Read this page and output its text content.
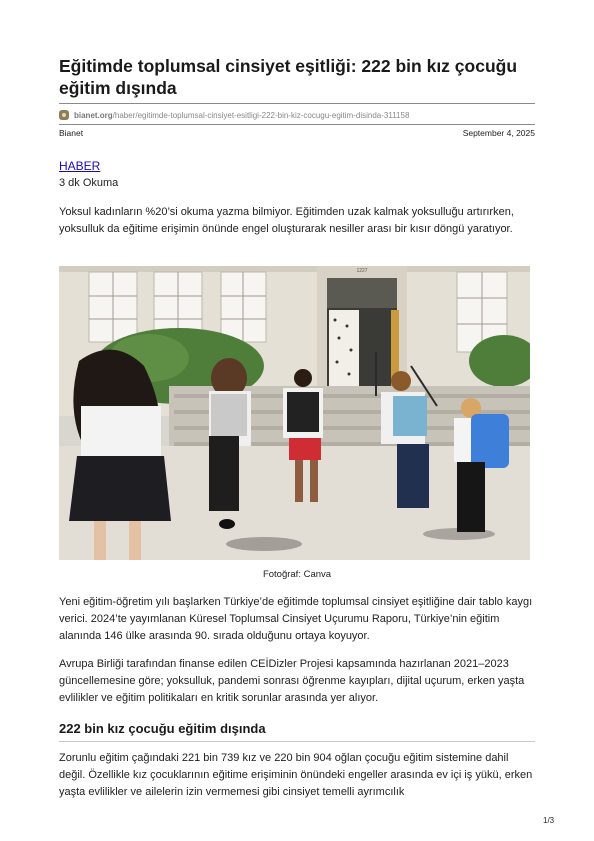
Eğitimde toplumsal cinsiyet eşitliği: 222 bin kız çocuğu eğitim dışında
bianet.org /haber/egitimde-toplumsal-cinsiyet-esitligi-222-bin-kiz-cocugu-egitim-disinda-311158
Bianet	September 4, 2025
HABER
3 dk Okuma

Yoksul kadınların %20’si okuma yazma bilmiyor. Eğitimden uzak kalmak yoksulluğu artırırken, yoksulluk da eğitime erişimin önünde engel oluşturarak nesiller arası bir kısır döngü yaratıyor.

1227
Fotoğraf: Canva

Yeni eğitim-öğretim yılı başlarken Türkiye’de eğitimde toplumsal cinsiyet eşitliğine dair tablo kaygı verici. 2024’te yayımlanan Küresel Toplumsal Cinsiyet Uçurumu Raporu, Türkiye’nin eğitim alanında 146 ülke arasında 90. sırada olduğunu ortaya koyuyor.

Avrupa Birliği tarafından finanse edilen CEİDizler Projesi kapsamında hazırlanan 2021–2023 güncellemesine göre; yoksulluk, pandemi sonrası öğrenme kayıpları, dijital uçurum, erken yaşta evlilikler ve eğitim politikaları en kritik sorunlar arasında yer alıyor.

222 bin kız çocuğu eğitim dışında

Zorunlu eğitim çağındaki 221 bin 739 kız ve 220 bin 904 oğlan çocuğu eğitim sistemine dahil değil. Özellikle kız çocuklarının eğitime erişiminin önündeki engeller arasında ev içi iş yükü, erken yaşta evlilikler ve ailelerin izin vermemesi gibi cinsiyet temelli ayrımcılık

1/3
